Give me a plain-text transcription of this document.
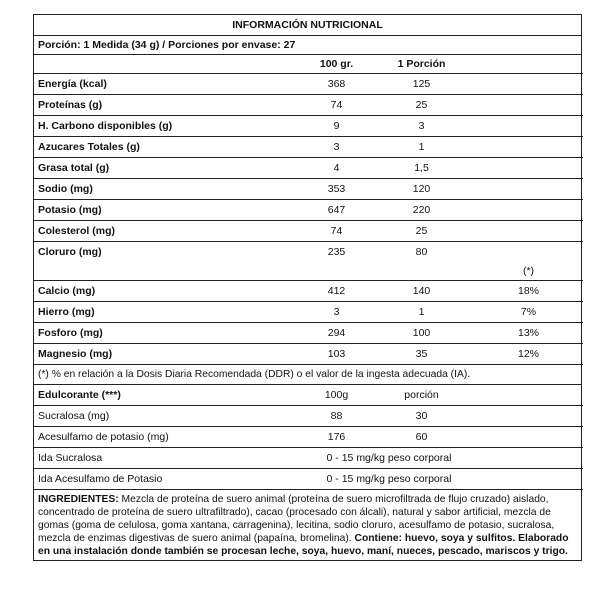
INFORMACIÓN NUTRICIONAL
Porción: 1 Medida (34 g) / Porciones por envase: 27
	100 gr.	1 Porción	
Energía (kcal)	368	125	
Proteínas (g)	74	25	
H. Carbono disponibles (g)	9	3	
Azucares Totales (g)	3	1	
Grasa total (g)	4	1,5	
Sodio (mg)	353	120	
Potasio (mg)	647	220	
Colesterol (mg)	74	25	
Cloruro (mg)	235	80	
			(*)
Calcio (mg)	412	140	18%
Hierro (mg)	3	1	7%
Fosforo (mg)	294	100	13%
Magnesio (mg)	103	35	12%
(*) % en relación a la Dosis Diaria Recomendada (DDR) o el valor de la ingesta adecuada (IA).
Edulcorante (***)	100g	porción	
Sucralosa (mg)	88	30	
Acesulfamo de potasio (mg)	176	60	
Ida Sucralosa	0 - 15 mg/kg peso corporal		
Ida Acesulfamo de Potasio	0 - 15 mg/kg peso corporal		
INGREDIENTES: Mezcla de proteína de suero animal (proteína de suero microfiltrada de flujo cruzado) aislado, concentrado de proteína de suero ultrafiltrado), cacao (procesado con álcali), natural y sabor artificial, mezcla de gomas (goma de celulosa, goma xantana, carragenina), lecitina, sodio cloruro, acesulfamo de potasio, sucralosa, mezcla de enzimas digestivas de suero animal (papaína, bromelina). Contiene: huevo, soya y sulfitos. Elaborado en una instalación donde también se procesan leche, soya, huevo, maní, nueces, pescado, mariscos y trigo.
